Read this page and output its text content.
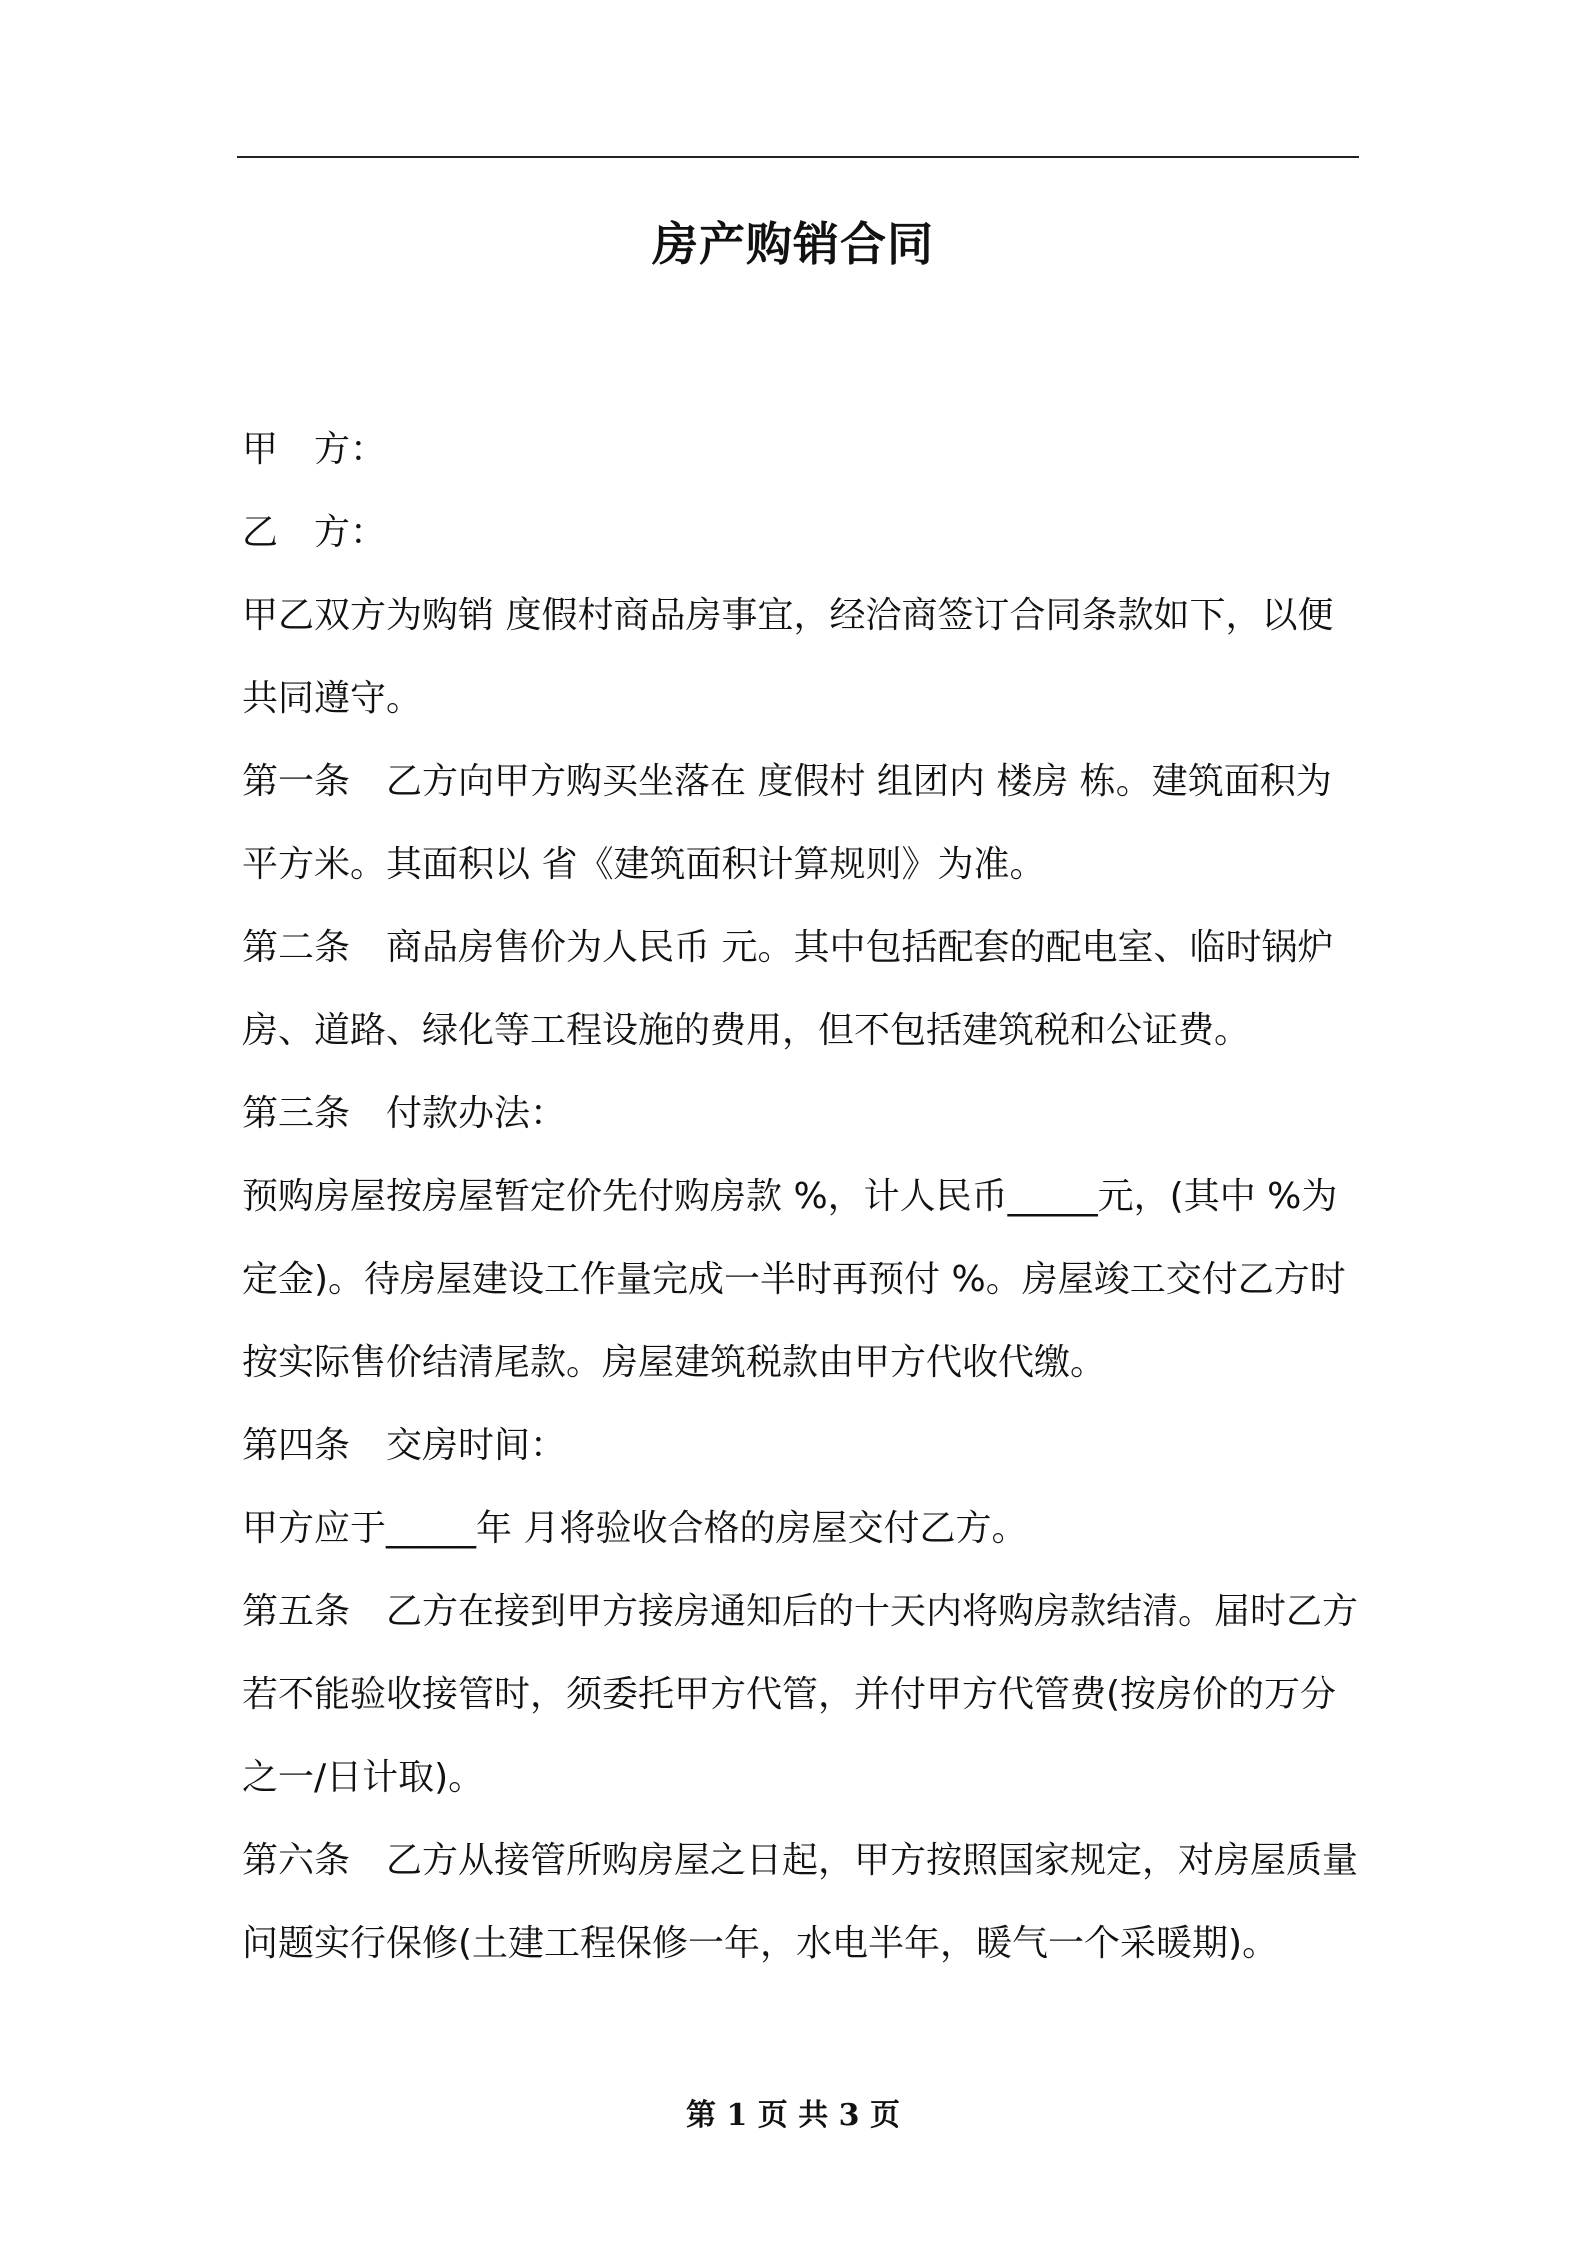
房产购销合同

甲　方：

乙　方：

甲乙双方为购销 度假村商品房事宜，经洽商签订合同条款如下，以便共同遵守。

第一条　乙方向甲方购买坐落在 度假村 组团内 楼房 栋。建筑面积为 平方米。其面积以 省《建筑面积计算规则》为准。

第二条　商品房售价为人民币 元。其中包括配套的配电室、临时锅炉房、道路、绿化等工程设施的费用，但不包括建筑税和公证费。

第三条　付款办法：

预购房屋按房屋暂定价先付购房款 %，计人民币_____元，(其中 %为定金)。待房屋建设工作量完成一半时再预付 %。房屋竣工交付乙方时按实际售价结清尾款。房屋建筑税款由甲方代收代缴。

第四条　交房时间：

甲方应于_____年 月将验收合格的房屋交付乙方。

第五条　乙方在接到甲方接房通知后的十天内将购房款结清。届时乙方若不能验收接管时，须委托甲方代管，并付甲方代管费(按房价的万分之一/日计取)。

第六条　乙方从接管所购房屋之日起，甲方按照国家规定，对房屋质量问题实行保修(土建工程保修一年，水电半年，暖气一个采暖期)。

第 1 页 共 3 页
